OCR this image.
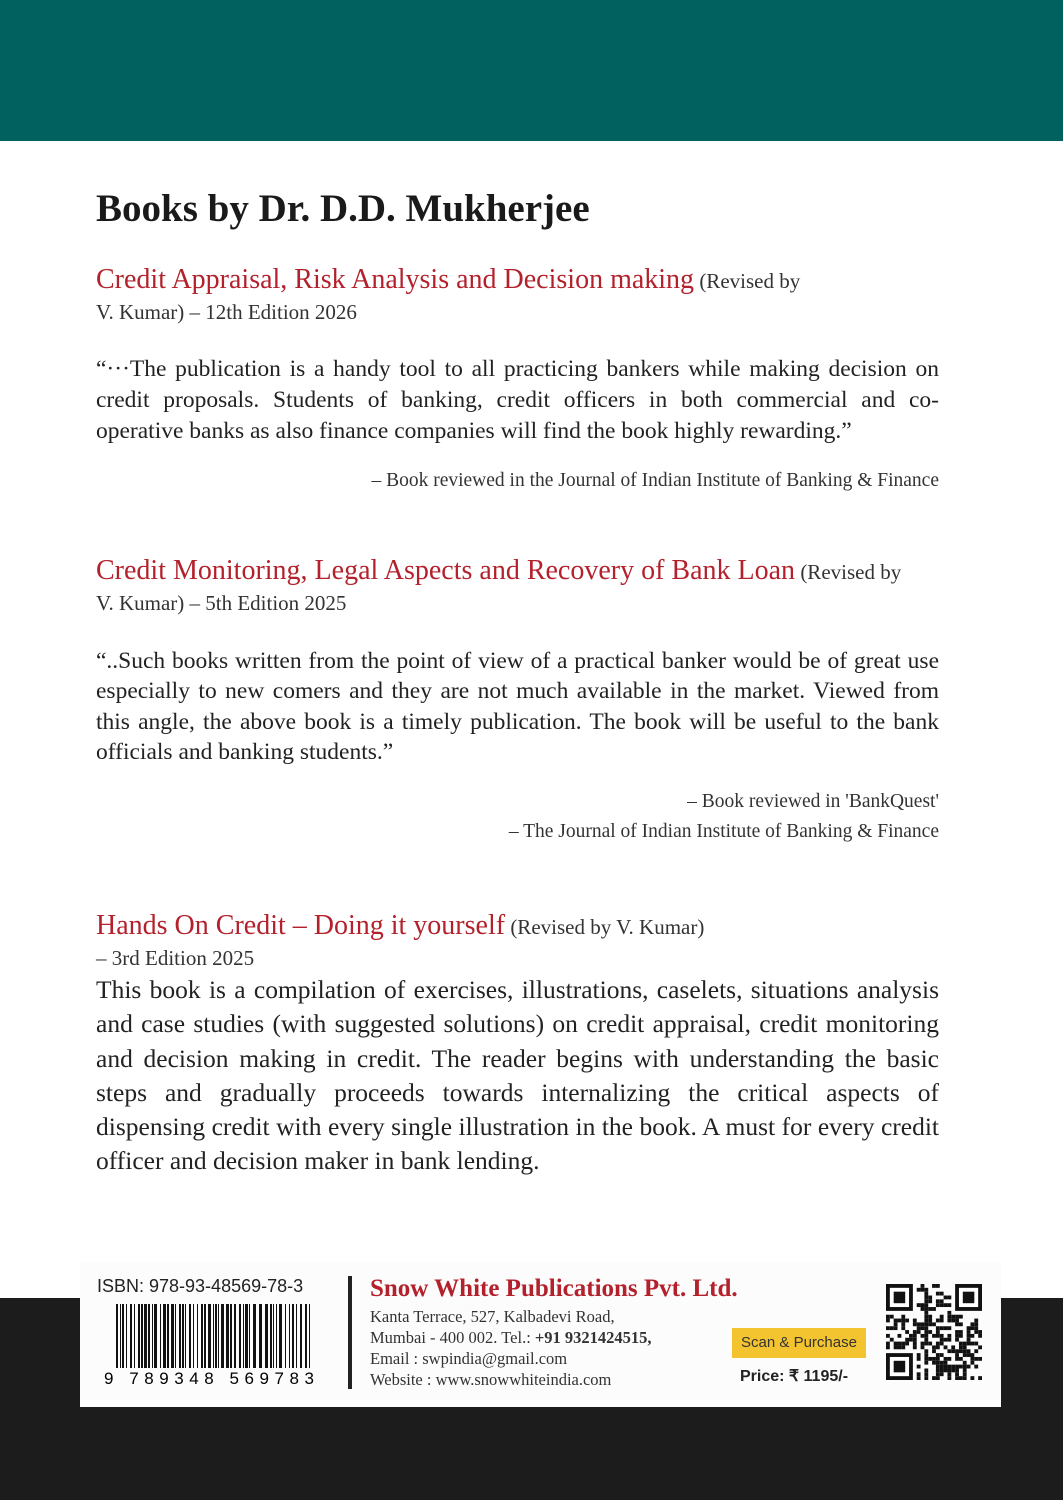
Books by Dr. D.D. Mukherjee
Credit Appraisal, Risk Analysis and Decision making (Revised by
V. Kumar) – 12th Edition 2026

“···The publication is a handy tool to all practicing bankers while making decision on credit proposals. Students of banking, credit officers in both commercial and co-operative banks as also finance companies will find the book highly rewarding.”

– Book reviewed in the Journal of Indian Institute of Banking & Finance

Credit Monitoring, Legal Aspects and Recovery of Bank Loan (Revised by
V. Kumar) – 5th Edition 2025

“..Such books written from the point of view of a practical banker would be of great use especially to new comers and they are not much available in the market. Viewed from this angle, the above book is a timely publication. The book will be useful to the bank officials and banking students.”

– Book reviewed in 'BankQuest'

– The Journal of Indian Institute of Banking & Finance

Hands On Credit – Doing it yourself (Revised by V. Kumar)
– 3rd Edition 2025

This book is a compilation of exercises, illustrations, caselets, situations analysis and case studies (with suggested solutions) on credit appraisal, credit monitoring and decision making in credit. The reader begins with understanding the basic steps and gradually proceeds towards internalizing the critical aspects of dispensing credit with every single illustration in the book. A must for every credit officer and decision maker in bank lending.

ISBN: 978-93-48569-78-3
9 789348 569783
Snow White Publications Pvt. Ltd.
Kanta Terrace, 527, Kalbadevi Road,
Mumbai - 400 002. Tel.: +91 9321424515,
Email : swpindia@gmail.com
Website : www.snowwhiteindia.com
Scan & Purchase
Price: ₹ 1195/-
